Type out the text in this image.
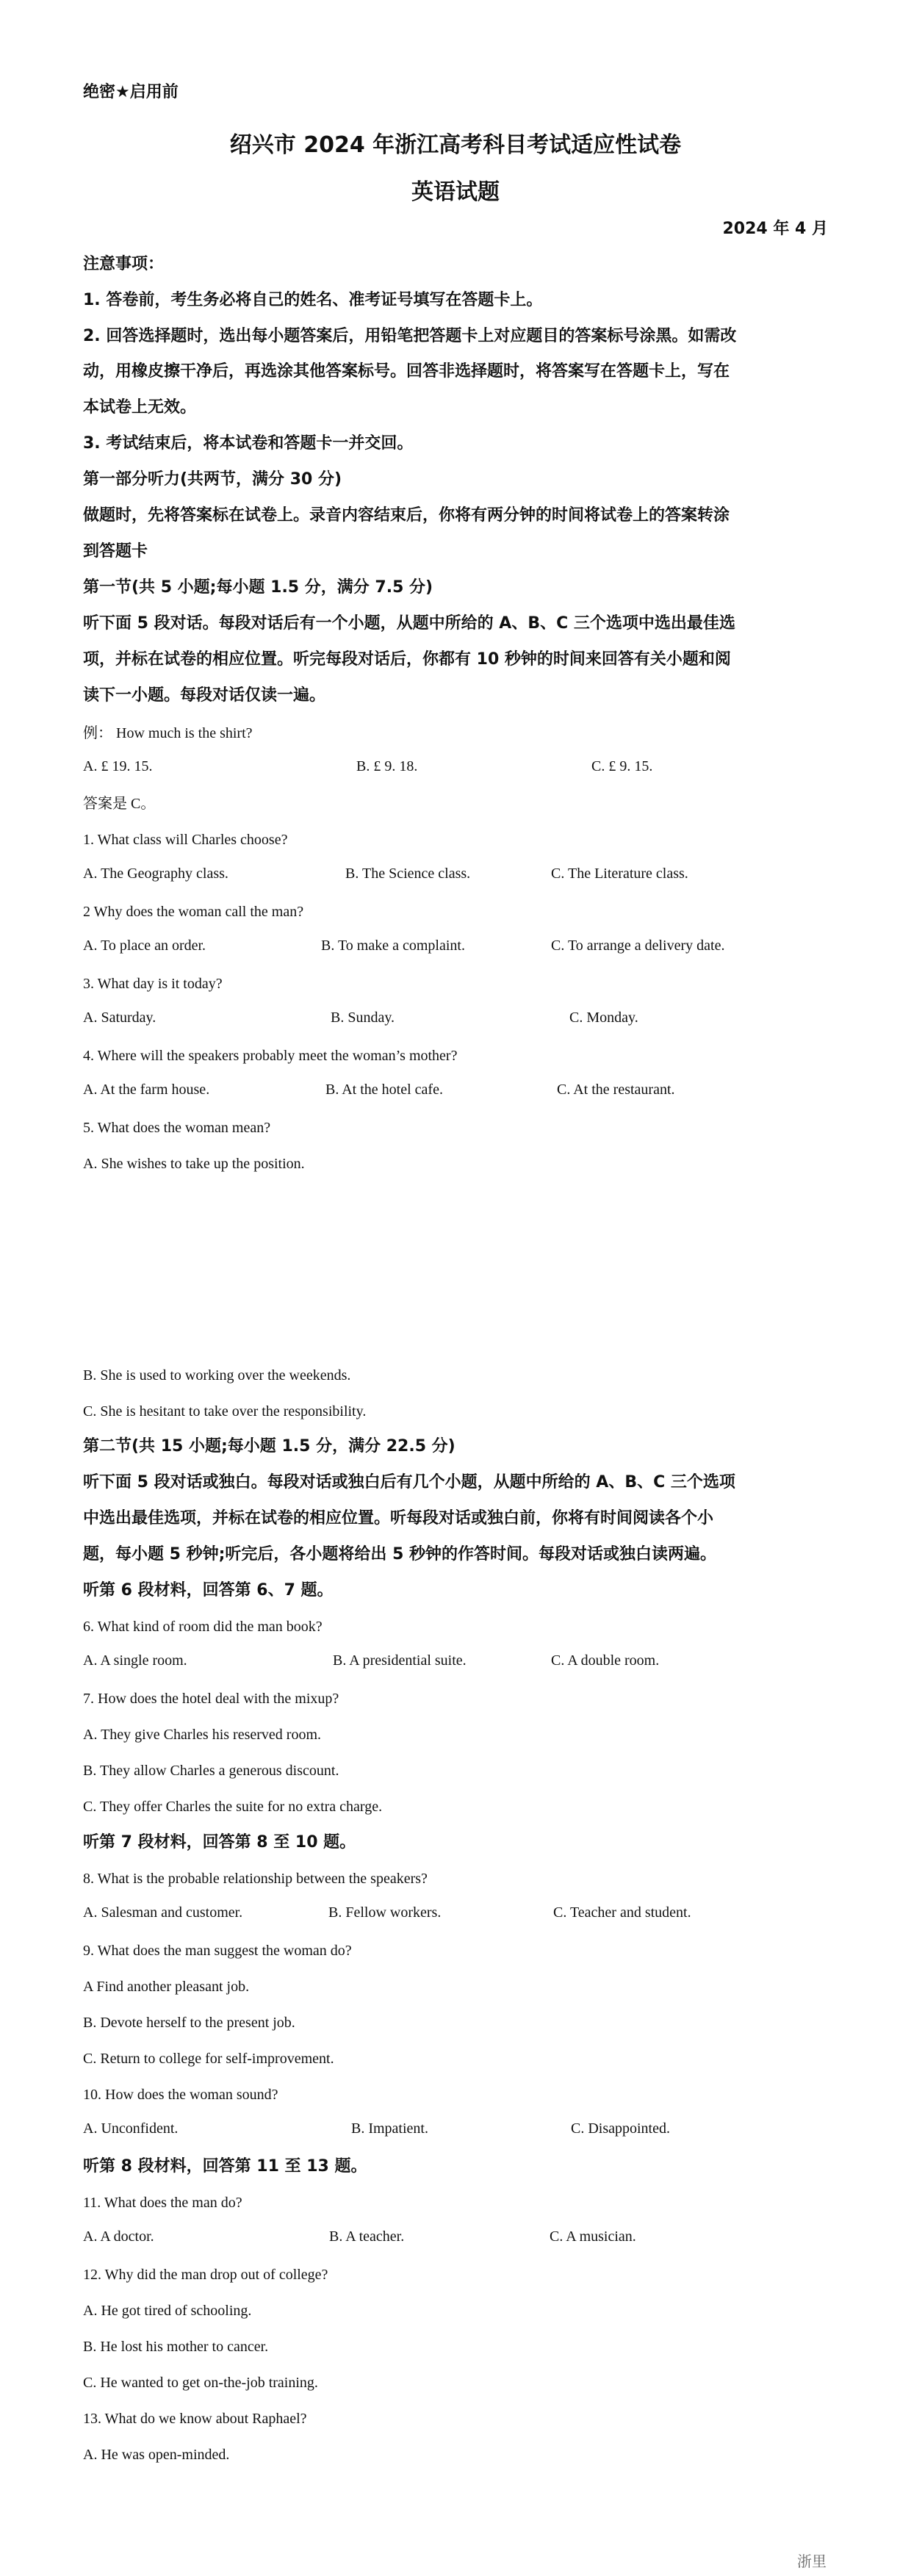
绝密★启用前
绍兴市 2024 年浙江高考科目考试适应性试卷
英语试题
2024 年 4 月
注意事项：
1. 答卷前，考生务必将自己的姓名、准考证号填写在答题卡上。
2. 回答选择题时，选出每小题答案后，用铅笔把答题卡上对应题目的答案标号涂黑。如需改
动，用橡皮擦干净后，再选涂其他答案标号。回答非选择题时，将答案写在答题卡上，写在
本试卷上无效。
3. 考试结束后，将本试卷和答题卡一并交回。
第一部分听力(共两节，满分 30 分)
做题时，先将答案标在试卷上。录音内容结束后，你将有两分钟的时间将试卷上的答案转涂
到答题卡
第一节(共 5 小题;每小题 1.5 分，满分 7.5 分)
听下面 5 段对话。每段对话后有一个小题，从题中所给的 A、B、C 三个选项中选出最佳选
项，并标在试卷的相应位置。听完每段对话后，你都有 10 秒钟的时间来回答有关小题和阅
读下一小题。每段对话仅读一遍。
例： How much is the shirt?
A. £ 19. 15.	B. £ 9. 18.	C. £ 9. 15.
答案是 C。
1. What class will Charles choose?
A. The Geography class.	B. The Science class.	C. The Literature class.
2 Why does the woman call the man?
A. To place an order.	B. To make a complaint.	C. To arrange a delivery date.
3. What day is it today?
A. Saturday.	B. Sunday.	C. Monday.
4. Where will the speakers probably meet the woman’s mother?
A. At the farm house.	B. At the hotel cafe.	C. At the restaurant.
5. What does the woman mean?
A. She wishes to take up the position.
B. She is used to working over the weekends.
C. She is hesitant to take over the responsibility.
第二节(共 15 小题;每小题 1.5 分，满分 22.5 分)
听下面 5 段对话或独白。每段对话或独白后有几个小题，从题中所给的 A、B、C 三个选项
中选出最佳选项，并标在试卷的相应位置。听每段对话或独白前，你将有时间阅读各个小
题，每小题 5 秒钟;听完后，各小题将给出 5 秒钟的作答时间。每段对话或独白读两遍。
听第 6 段材料，回答第 6、7 题。
6. What kind of room did the man book?
A. A single room.	B. A presidential suite.	C. A double room.
7. How does the hotel deal with the mixup?
A. They give Charles his reserved room.
B. They allow Charles a generous discount.
C. They offer Charles the suite for no extra charge.
听第 7 段材料，回答第 8 至 10 题。
8. What is the probable relationship between the speakers?
A. Salesman and customer.	B. Fellow workers.	C. Teacher and student.
9. What does the man suggest the woman do?
A Find another pleasant job.
B. Devote herself to the present job.
C. Return to college for self-improvement.
10. How does the woman sound?
A. Unconfident.	B. Impatient.	C. Disappointed.
听第 8 段材料，回答第 11 至 13 题。
11. What does the man do?
A. A doctor.	B. A teacher.	C. A musician.
12. Why did the man drop out of college?
A. He got tired of schooling.
B. He lost his mother to cancer.
C. He wanted to get on-the-job training.
13. What do we know about Raphael?
A. He was open-minded.
浙里
